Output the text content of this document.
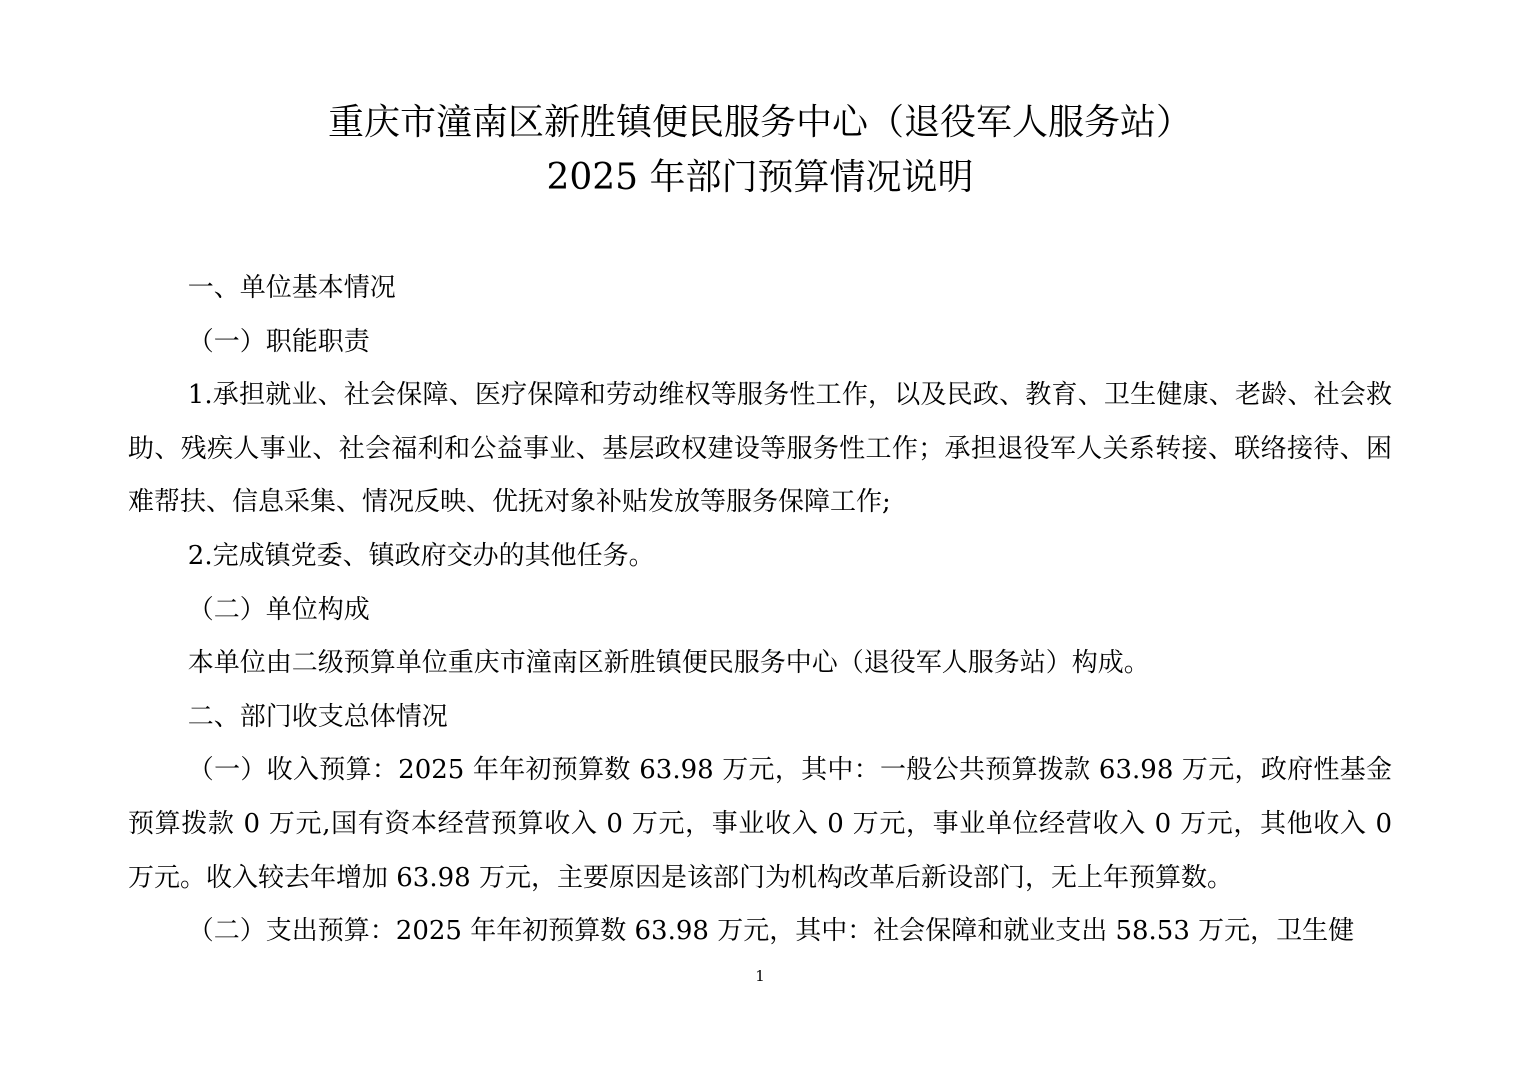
重庆市潼南区新胜镇便民服务中心（退役军人服务站）
2025 年部门预算情况说明

一、单位基本情况

（一）职能职责

1.承担就业、社会保障、医疗保障和劳动维权等服务性工作，以及民政、教育、卫生健康、老龄、社会救助、残疾人事业、社会福利和公益事业、基层政权建设等服务性工作；承担退役军人关系转接、联络接待、困难帮扶、信息采集、情况反映、优抚对象补贴发放等服务保障工作;

2.完成镇党委、镇政府交办的其他任务。

（二）单位构成

本单位由二级预算单位重庆市潼南区新胜镇便民服务中心（退役军人服务站）构成。

二、部门收支总体情况

（一）收入预算：2025 年年初预算数 63.98 万元，其中：一般公共预算拨款 63.98 万元，政府性基金预算拨款 0 万元,国有资本经营预算收入 0 万元，事业收入 0 万元，事业单位经营收入 0 万元，其他收入 0 万元。收入较去年增加 63.98 万元，主要原因是该部门为机构改革后新设部门，无上年预算数。

（二）支出预算：2025 年年初预算数 63.98 万元，其中：社会保障和就业支出 58.53 万元，卫生健

1
